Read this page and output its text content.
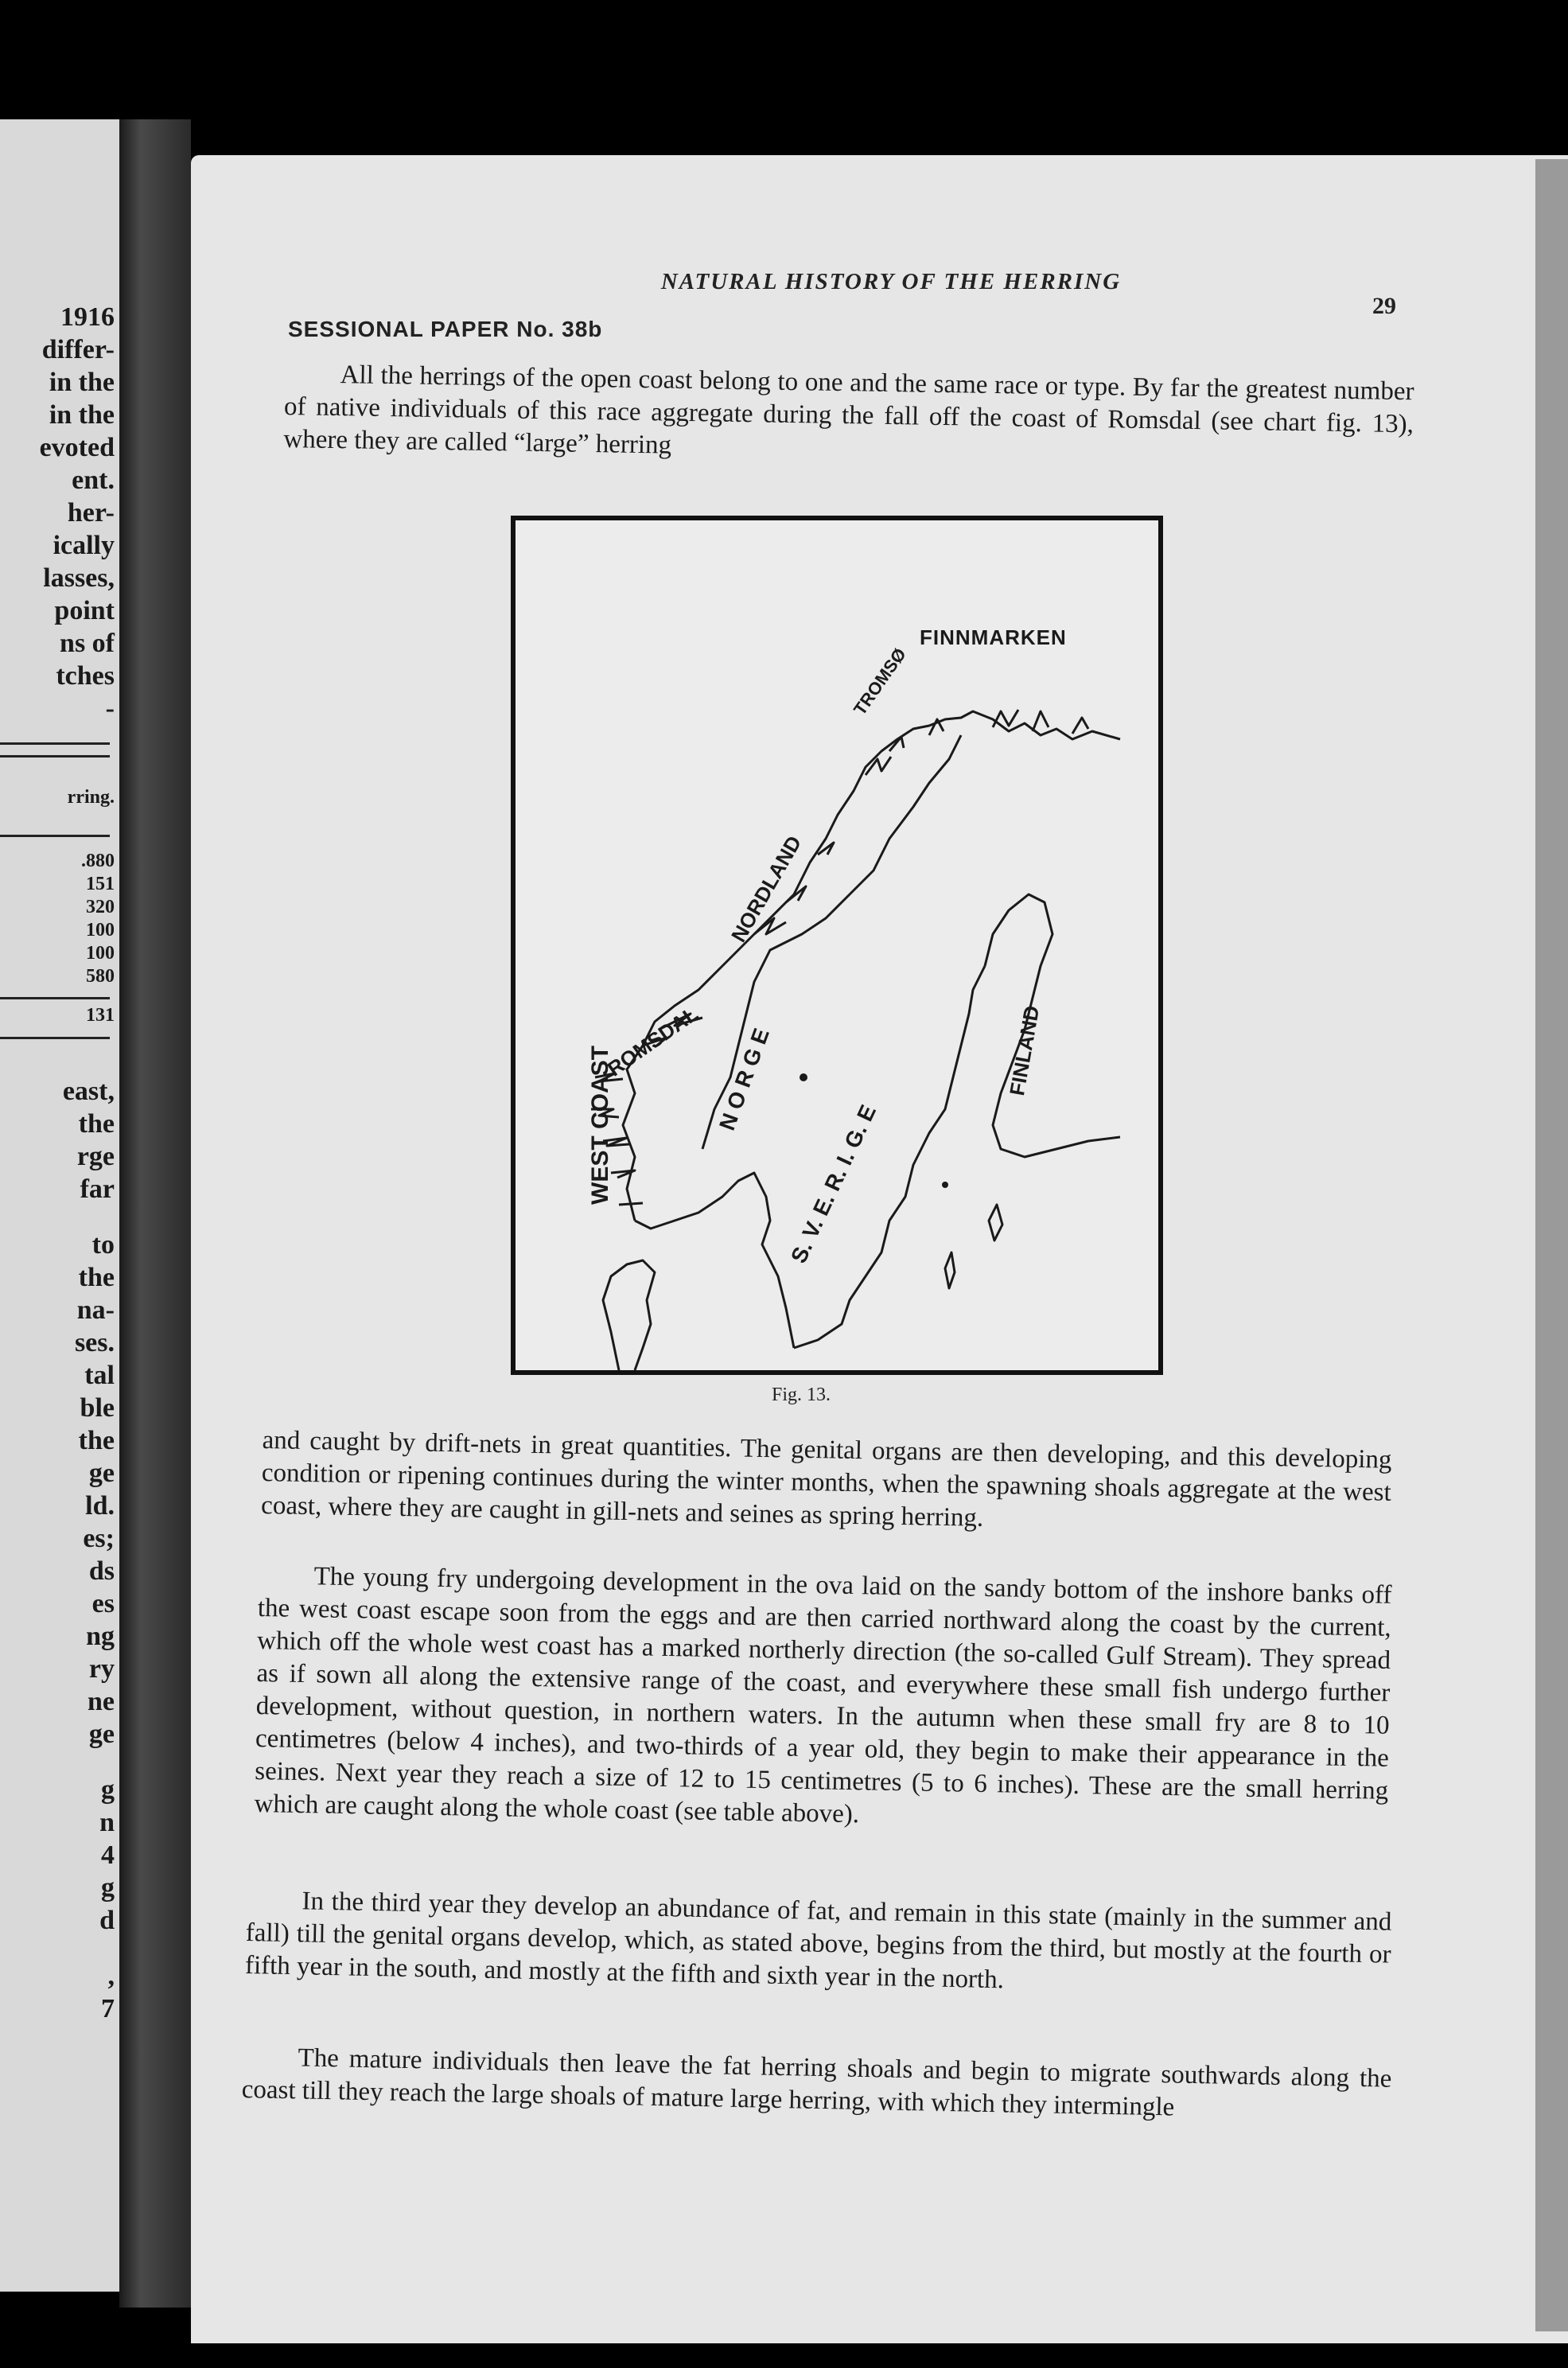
1916
differ-
in the
in the
evoted
ent.
her-
ically
lasses,
point
ns of
tches
-
rring.
.880
151
320
100
100
580
131
east,
the
rge
far
to
the
na-
ses.
tal
ble
the
ge
ld.
es;
ds
es
ng
ry
ne
ge
g
n
4
g
d
,
7
NATURAL HISTORY OF THE HERRING
29
SESSIONAL PAPER No. 38b

All the herrings of the open coast belong to one and the same race or type. By far the greatest number of native individuals of this race aggregate during the fall off the coast of Romsdal (see chart fig. 13), where they are called “large” herring

FINNMARKEN
TROMSØ
NORDLAND
ROMSDAL
WEST COAST	N O R G E
S. V. E. R. I. G. E
FINLAND
Fig. 13.

and caught by drift-nets in great quantities. The genital organs are then developing, and this developing condition or ripening continues during the winter months, when the spawning shoals aggregate at the west coast, where they are caught in gill-nets and seines as spring herring.

The young fry undergoing development in the ova laid on the sandy bottom of the inshore banks off the west coast escape soon from the eggs and are then carried northward along the coast by the current, which off the whole west coast has a marked northerly direction (the so-called Gulf Stream). They spread as if sown all along the extensive range of the coast, and everywhere these small fish undergo further development, without question, in northern waters. In the autumn when these small fry are 8 to 10 centimetres (below 4 inches), and two-thirds of a year old, they begin to make their appearance in the seines. Next year they reach a size of 12 to 15 centimetres (5 to 6 inches). These are the small herring which are caught along the whole coast (see table above).

In the third year they develop an abundance of fat, and remain in this state (mainly in the summer and fall) till the genital organs develop, which, as stated above, begins from the third, but mostly at the fourth or fifth year in the south, and mostly at the fifth and sixth year in the north.

The mature individuals then leave the fat herring shoals and begin to migrate southwards along the coast till they reach the large shoals of mature large herring, with which they intermingle
